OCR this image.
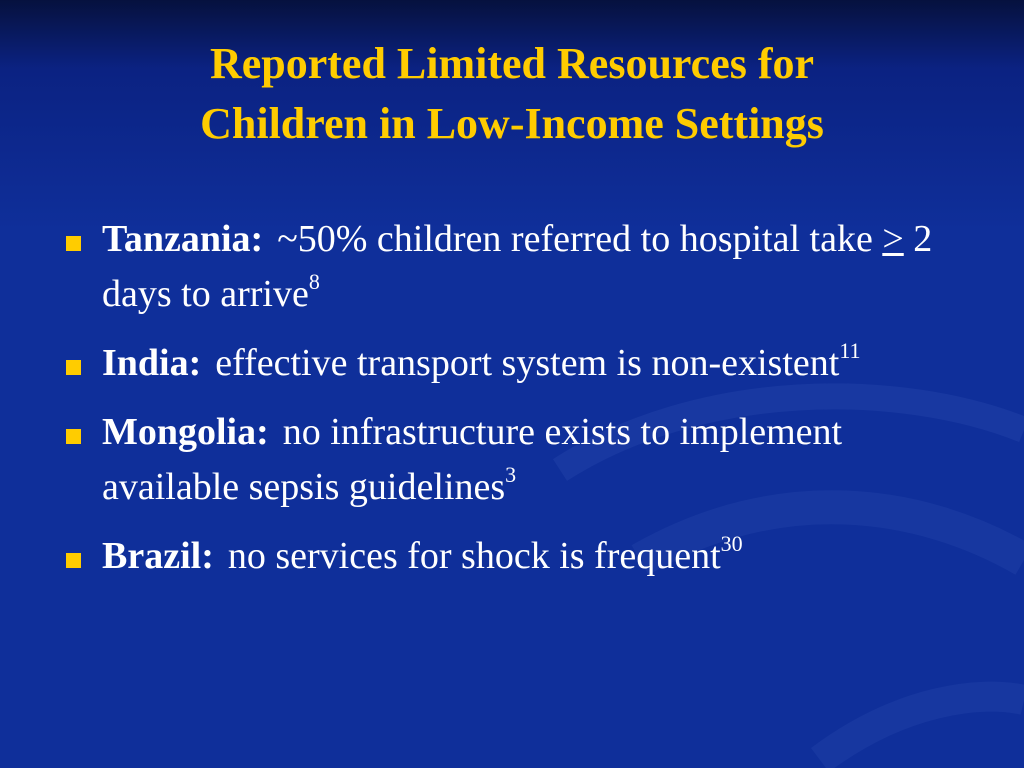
Reported Limited Resources for
Children in Low-Income Settings
Tanzania: ~50% children referred to hospital take ≥ 2 days to arrive$^8$
India: effective transport system is non-existent$^{11}$
Mongolia: no infrastructure exists to implement available sepsis guidelines$^3$
Brazil: no services for shock is frequent$^{30}$
